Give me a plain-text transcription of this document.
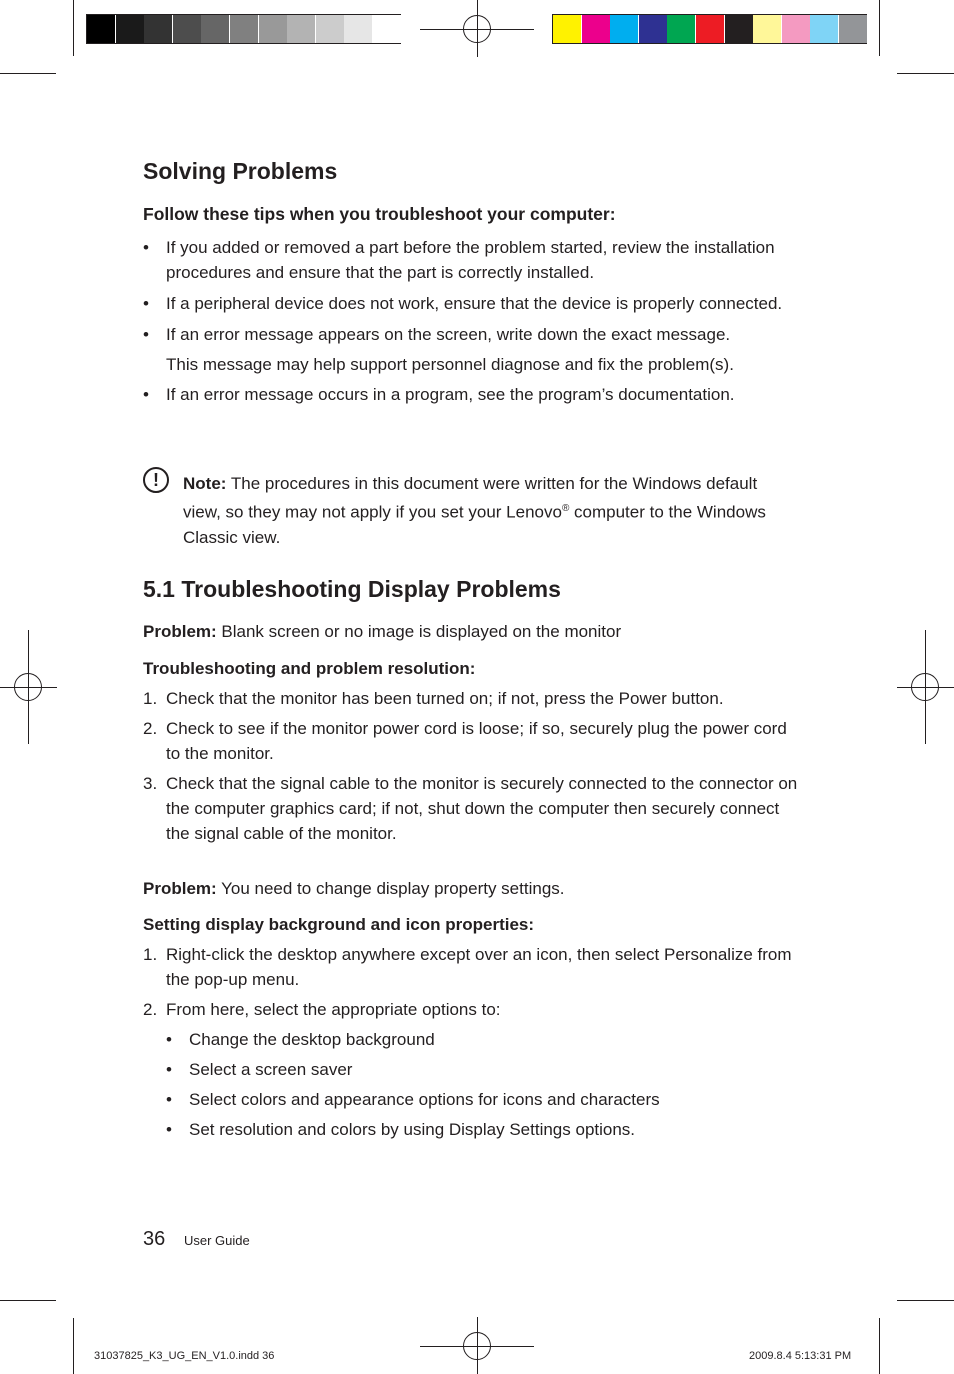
Solving Problems

Follow these tips when you troubleshoot your computer:

• If you added or removed a part before the problem started, review the installation procedures and ensure that the part is correctly installed.
• If a peripheral device does not work, ensure that the device is properly connected.
• If an error message appears on the screen, write down the exact message.
This message may help support personnel diagnose and fix the problem(s).
• If an error message occurs in a program, see the program’s documentation.
!	Note: The procedures in this document were written for the Windows default view, so they may not apply if you set your Lenovo® computer to the Windows Classic view.

5.1 Troubleshooting Display Problems

Problem: Blank screen or no image is displayed on the monitor

Troubleshooting and problem resolution:

1. Check that the monitor has been turned on; if not, press the Power button.
2. Check to see if the monitor power cord is loose; if so, securely plug the power cord to the monitor.
3. Check that the signal cable to the monitor is securely connected to the connector on the computer graphics card; if not, shut down the computer then securely connect the signal cable of the monitor.

Problem: You need to change display property settings.

Setting display background and icon properties:

1. Right-click the desktop anywhere except over an icon, then select Personalize from the pop-up menu.
2. From here, select the appropriate options to:
• Change the desktop background
• Select a screen saver
• Select colors and appearance options for icons and characters
• Set resolution and colors by using Display Settings options.
36 User Guide
31037825_K3_UG_EN_V1.0.indd 36	2009.8.4 5:13:31 PM
